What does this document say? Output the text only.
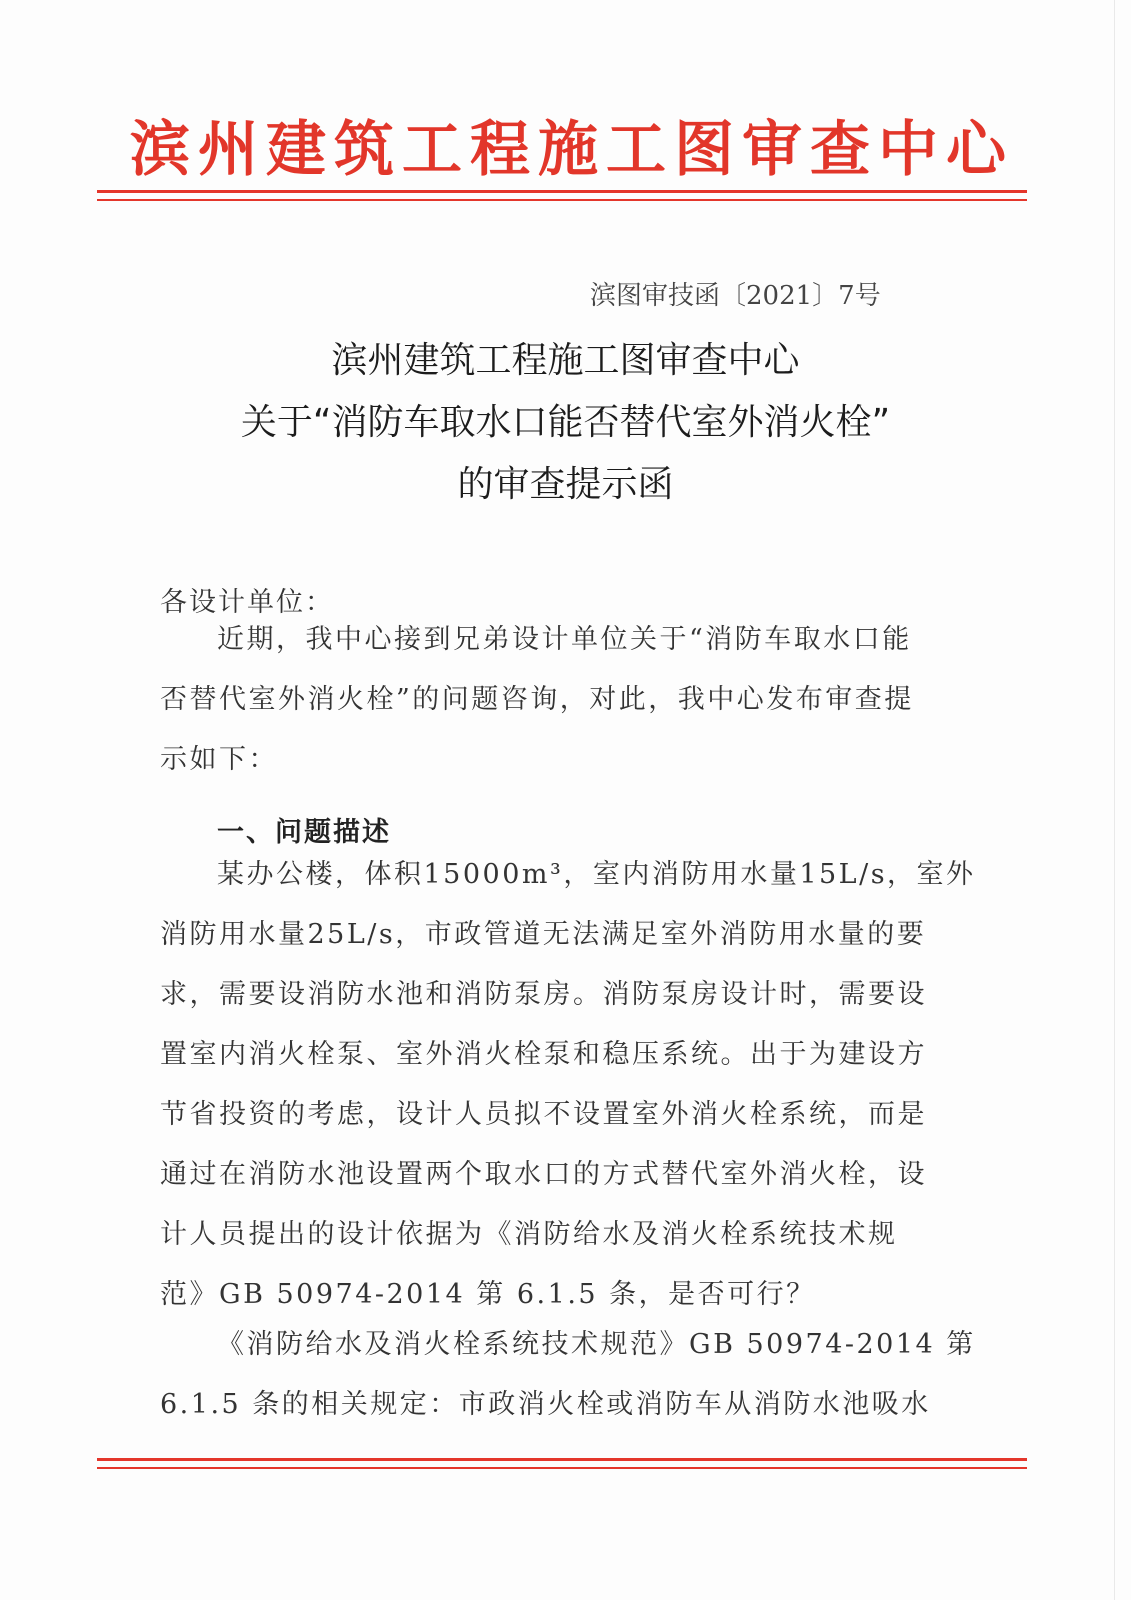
滨州建筑工程施工图审查中心
滨图审技函〔2021〕7号
滨州建筑工程施工图审查中心
关于“消防车取水口能否替代室外消火栓”
的审查提示函
各设计单位：
近期，我中心接到兄弟设计单位关于“消防车取水口能
否替代室外消火栓”的问题咨询，对此，我中心发布审查提
示如下：
一、问题描述
某办公楼，体积15000m³，室内消防用水量15L/s，室外
消防用水量25L/s，市政管道无法满足室外消防用水量的要
求，需要设消防水池和消防泵房。消防泵房设计时，需要设
置室内消火栓泵、室外消火栓泵和稳压系统。出于为建设方
节省投资的考虑，设计人员拟不设置室外消火栓系统，而是
通过在消防水池设置两个取水口的方式替代室外消火栓，设
计人员提出的设计依据为《消防给水及消火栓系统技术规
范》GB 50974-2014 第 6.1.5 条，是否可行？
《消防给水及消火栓系统技术规范》GB 50974-2014 第
6.1.5 条的相关规定：市政消火栓或消防车从消防水池吸水
